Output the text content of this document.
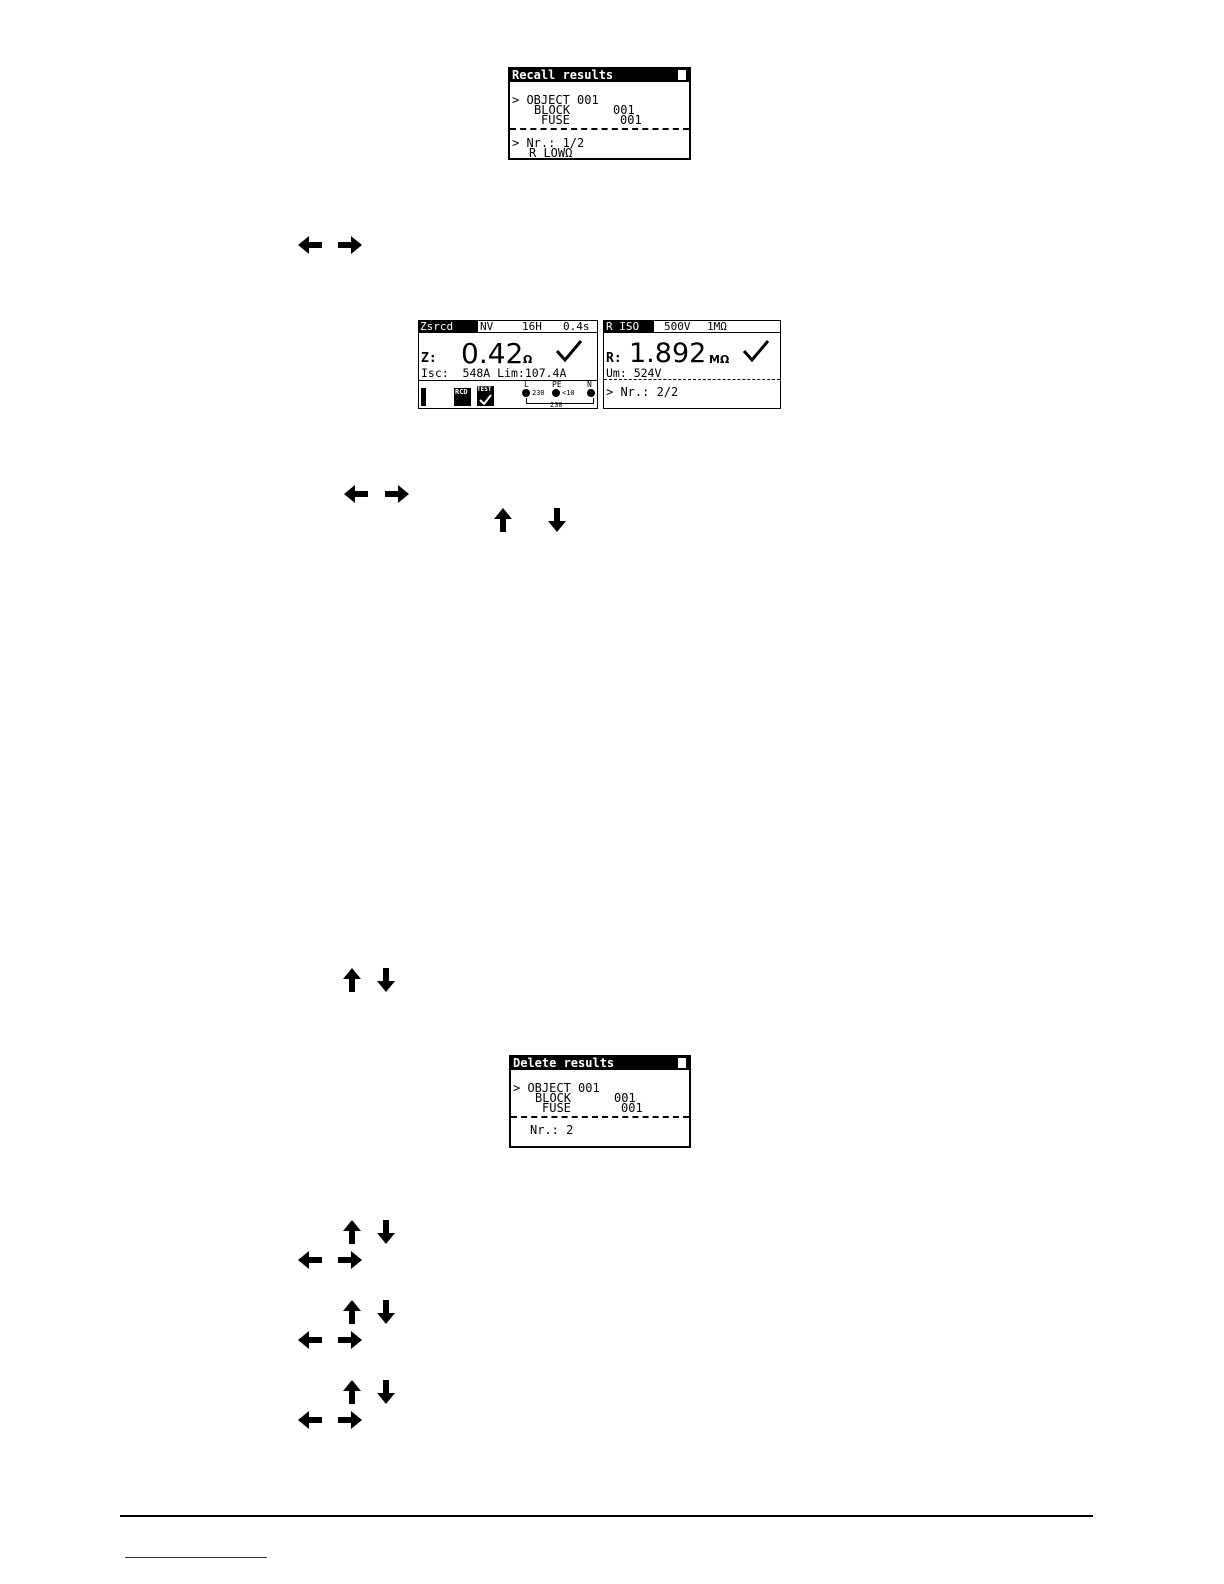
Recall results
> OBJECT 001
BLOCK	001
FUSE	001
> Nr.: 1/2
R LOWΩ
Zsrcd NV	16H 0.4s
Z: 0.42 Ω
Isc:  548A Lim:107.4A
RCD TEST
L	PE	N
230 <10
230
R ISO 500V 1MΩ
R: 1.892 MΩ
Um: 524V
> Nr.: 2/2
Delete results
> OBJECT 001
BLOCK	001
FUSE	001
Nr.: 2
